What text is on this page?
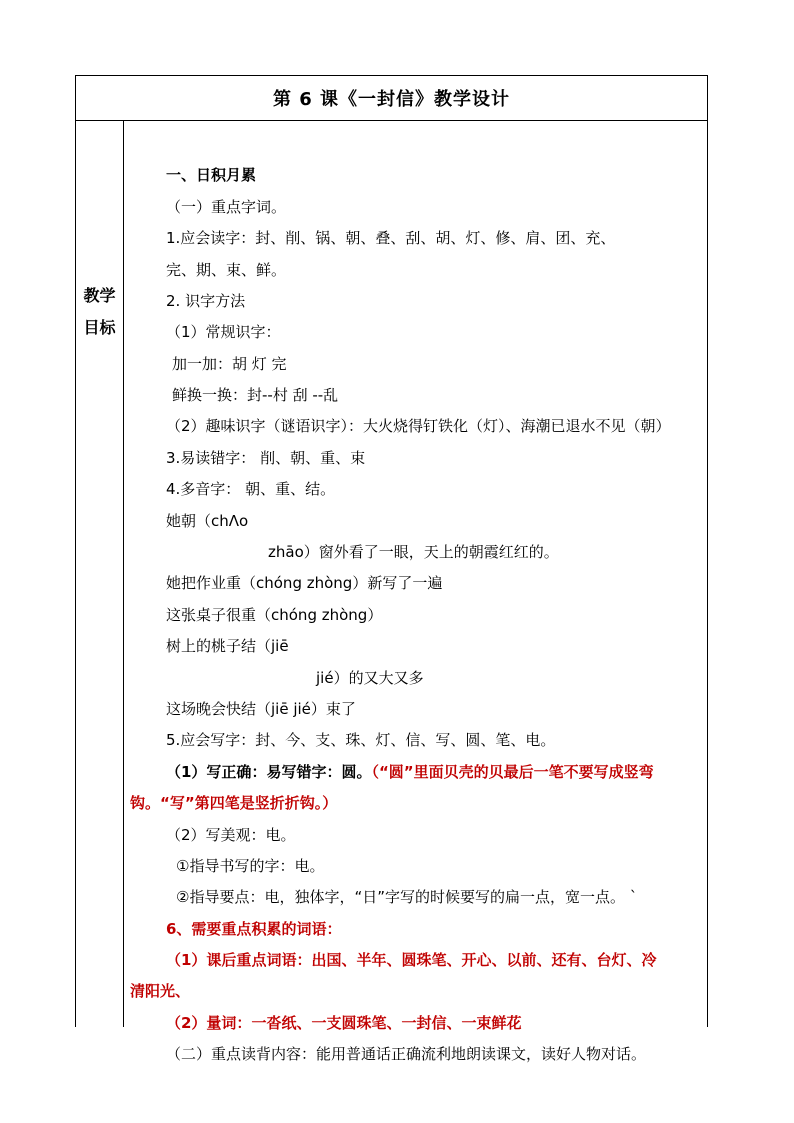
第 6 课《一封信》教学设计
教学
目标
一、日积月累
（一）重点字词。
1.应会读字：封、削、锅、朝、叠、刮、胡、灯、修、肩、团、充、
完、期、束、鲜。
2. 识字方法
（1）常规识字：
加一加：胡 灯 完
鲜换一换：封--村 刮 --乱
（2）趣味识字（谜语识字）：大火烧得钉铁化（灯）、海潮已退水不见（朝）
3.易读错字： 削、朝、重、束
4.多音字： 朝、重、结。
她朝（chΛo
zhāo）窗外看了一眼，天上的朝霞红红的。
她把作业重（chóng zhòng）新写了一遍
这张桌子很重（chóng zhòng）
树上的桃子结（jiē
jié）的又大又多
这场晚会快结（jiē jié）束了
5.应会写字：封、今、支、珠、灯、信、写、圆、笔、电。
（1）写正确：易写错字：圆。（“圆”里面贝壳的贝最后一笔不要写成竖弯
钩。“写”第四笔是竖折折钩。）
（2）写美观：电。
①指导书写的字：电。
②指导要点：电，独体字，“日”字写的时候要写的扁一点，宽一点。 ˋ
6、需要重点积累的词语：
（1）课后重点词语：出国、半年、圆珠笔、开心、以前、还有、台灯、冷
清阳光、
（2）量词：一沓纸、一支圆珠笔、一封信、一束鲜花
（二）重点读背内容：能用普通话正确流利地朗读课文，读好人物对话。
